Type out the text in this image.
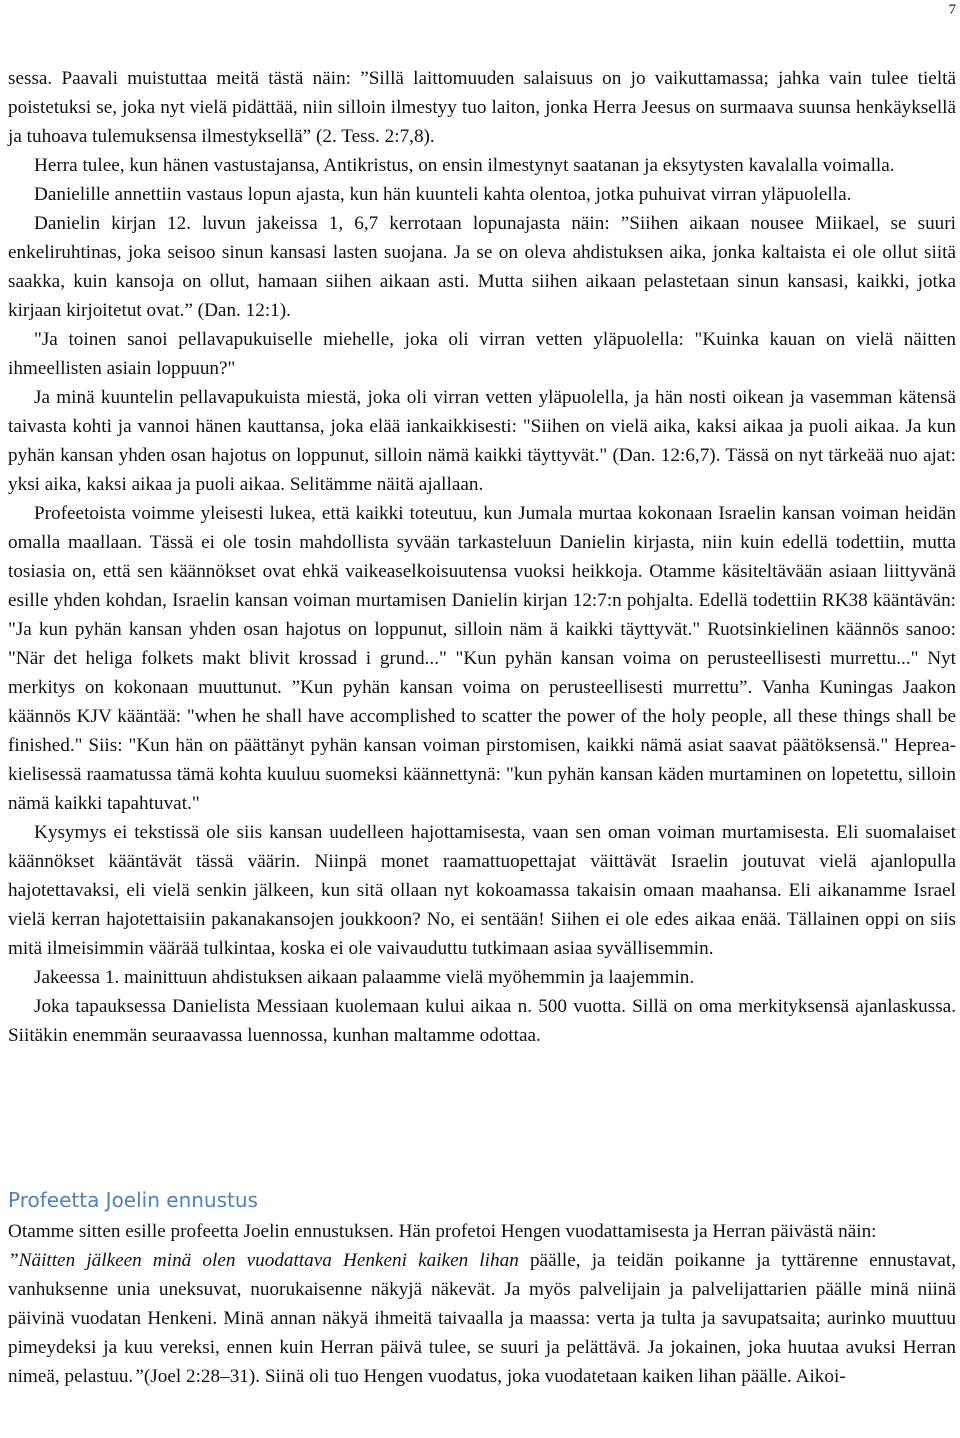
7

sessa. Paavali muistuttaa meitä tästä näin: ”Sillä laittomuuden salaisuus on jo vaikuttamassa; jahka vain tulee tieltä poistetuksi se, joka nyt vielä pidättää, niin silloin ilmestyy tuo laiton, jonka Herra Jeesus on surmaava suunsa henkäyksellä ja tuhoava tulemuksensa ilmestyksellä” (2. Tess. 2:7,8).

Herra tulee, kun hänen vastustajansa, Antikristus, on ensin ilmestynyt saatanan ja eksytysten kavalalla voimalla.

Danielille annettiin vastaus lopun ajasta, kun hän kuunteli kahta olentoa, jotka puhuivat virran yläpuolella.

Danielin kirjan 12. luvun jakeissa 1, 6,7 kerrotaan lopunajasta näin: ”Siihen aikaan nousee Miikael, se suuri enkeliruhtinas, joka seisoo sinun kansasi lasten suojana. Ja se on oleva ahdistuksen aika, jonka kaltaista ei ole ollut siitä saakka, kuin kansoja on ollut, hamaan siihen aikaan asti. Mutta siihen aikaan pelastetaan sinun kansasi, kaikki, jotka kirjaan kirjoitetut ovat.” (Dan. 12:1).

"Ja toinen sanoi pellavapukuiselle miehelle, joka oli virran vetten yläpuolella: "Kuinka kauan on vielä näitten ihmeellisten asiain loppuun?"

Ja minä kuuntelin pellavapukuista miestä, joka oli virran vetten yläpuolella, ja hän nosti oikean ja vasemman kätensä taivasta kohti ja vannoi hänen kauttansa, joka elää iankaikkisesti: "Siihen on vielä aika, kaksi aikaa ja puoli aikaa. Ja kun pyhän kansan yhden osan hajotus on loppunut, silloin nämä kaikki täyttyvät." (Dan. 12:6,7). Tässä on nyt tärkeää nuo ajat: yksi aika, kaksi aikaa ja puoli aikaa. Selitämme näitä ajallaan.

Profeetoista voimme yleisesti lukea, että kaikki toteutuu, kun Jumala murtaa kokonaan Israelin kansan voiman heidän omalla maallaan. Tässä ei ole tosin mahdollista syvään tarkasteluun Danielin kirjasta, niin kuin edellä todettiin, mutta tosiasia on, että sen käännökset ovat ehkä vaikeaselkoisuutensa vuoksi heikkoja. Otamme käsiteltävään asiaan liittyvänä esille yhden kohdan, Israelin kansan voiman murtamisen Danielin kirjan 12:7:n pohjalta. Edellä todettiin RK38 kääntävän: "Ja kun pyhän kansan yhden osan hajotus on loppunut, silloin näm ä kaikki täyttyvät." Ruotsinkielinen käännös sanoo: "När det heliga folkets makt blivit krossad i grund..." "Kun pyhän kansan voima on perusteellisesti murrettu..." Nyt merkitys on kokonaan muuttunut. ”Kun pyhän kansan voima on perusteellisesti murrettu”. Vanha Kuningas Jaakon käännös KJV kääntää: "when he shall have accomplished to scatter the power of the holy people, all these things shall be finished." Siis: "Kun hän on päättänyt pyhän kansan voiman pirstomisen, kaikki nämä asiat saavat päätöksensä." Hepreakielisessä raamatussa tämä kohta kuuluu suomeksi käännettynä: "kun pyhän kansan käden murtaminen on lopetettu, silloin nämä kaikki tapahtuvat."

Kysymys ei tekstissä ole siis kansan uudelleen hajottamisesta, vaan sen oman voiman murtamisesta. Eli suomalaiset käännökset kääntävät tässä väärin. Niinpä monet raamattuopettajat väittävät Israelin joutuvat vielä ajanlopulla hajotettavaksi, eli vielä senkin jälkeen, kun sitä ollaan nyt kokoamassa takaisin omaan maahansa. Eli aikanamme Israel vielä kerran hajotettaisiin pakanakansojen joukkoon? No, ei sentään! Siihen ei ole edes aikaa enää. Tällainen oppi on siis mitä ilmeisimmin väärää tulkintaa, koska ei ole vaivauduttu tutkimaan asiaa syvällisemmin.

Jakeessa 1. mainittuun ahdistuksen aikaan palaamme vielä myöhemmin ja laajemmin.

Joka tapauksessa Danielista Messiaan kuolemaan kului aikaa n. 500 vuotta. Sillä on oma merkityksensä ajanlaskussa. Siitäkin enemmän seuraavassa luennossa, kunhan maltamme odottaa.

Profeetta Joelin ennustus

Otamme sitten esille profeetta Joelin ennustuksen. Hän profetoi Hengen vuodattamisesta ja Herran päivästä näin:

”Näitten jälkeen minä olen vuodattava Henkeni kaiken lihan päälle, ja teidän poikanne ja tyttärenne ennustavat, vanhuksenne unia uneksuvat, nuorukaisenne näkyjä näkevät. Ja myös palvelijain ja palvelijattarien päälle minä niinä päivinä vuodatan Henkeni. Minä annan näkyä ihmeitä taivaalla ja maassa: verta ja tulta ja savupatsaita; aurinko muuttuu pimeydeksi ja kuu vereksi, ennen kuin Herran päivä tulee, se suuri ja pelättävä. Ja jokainen, joka huutaa avuksi Herran nimeä, pelastuu.”(Joel 2:28–31). Siinä oli tuo Hengen vuodatus, joka vuodatetaan kaiken lihan päälle. Aikoi-
